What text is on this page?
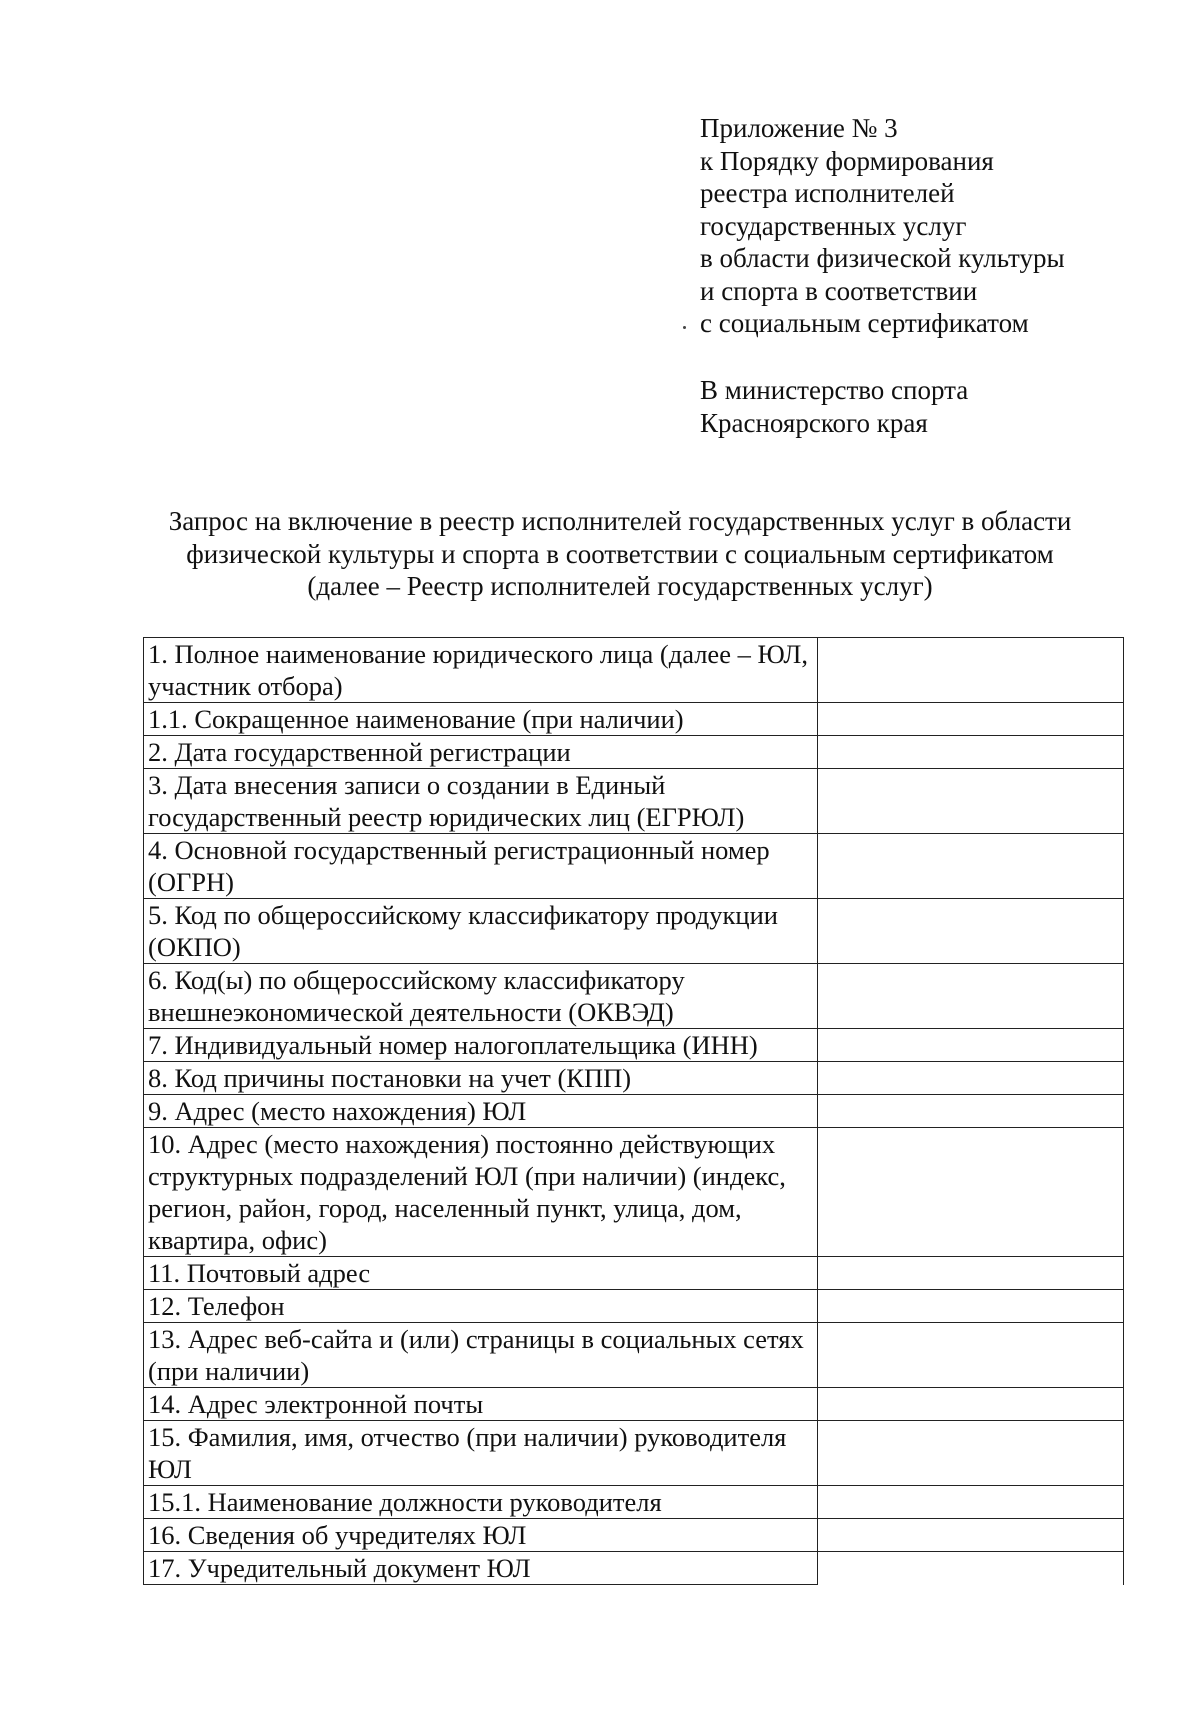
Приложение № 3
к Порядку формирования
реестра исполнителей
государственных услуг
в области физической культуры
и спорта в соответствии
с социальным сертификатом
В министерство спорта
Красноярского края
Запрос на включение в реестр исполнителей государственных услуг в области
физической культуры и спорта в соответствии с социальным сертификатом
(далее – Реестр исполнителей государственных услуг)
1. Полное наименование юридического лица (далее – ЮЛ, участник отбора)	
1.1. Сокращенное наименование (при наличии)	
2. Дата государственной регистрации	
3. Дата внесения записи о создании в Единый государственный реестр юридических лиц (ЕГРЮЛ)	
4. Основной государственный регистрационный номер (ОГРН)	
5. Код по общероссийскому классификатору продукции (ОКПО)	
6. Код(ы) по общероссийскому классификатору внешнеэкономической деятельности (ОКВЭД)	
7. Индивидуальный номер налогоплательщика (ИНН)	
8. Код причины постановки на учет (КПП)	
9. Адрес (место нахождения) ЮЛ	
10. Адрес (место нахождения) постоянно действующих структурных подразделений ЮЛ (при наличии) (индекс, регион, район, город, населенный пункт, улица, дом, квартира, офис)	
11. Почтовый адрес	
12. Телефон	
13. Адрес веб-сайта и (или) страницы в социальных сетях (при наличии)	
14. Адрес электронной почты	
15. Фамилия, имя, отчество (при наличии) руководителя ЮЛ	
15.1. Наименование должности руководителя	
16. Сведения об учредителях ЮЛ	
17. Учредительный документ ЮЛ	
